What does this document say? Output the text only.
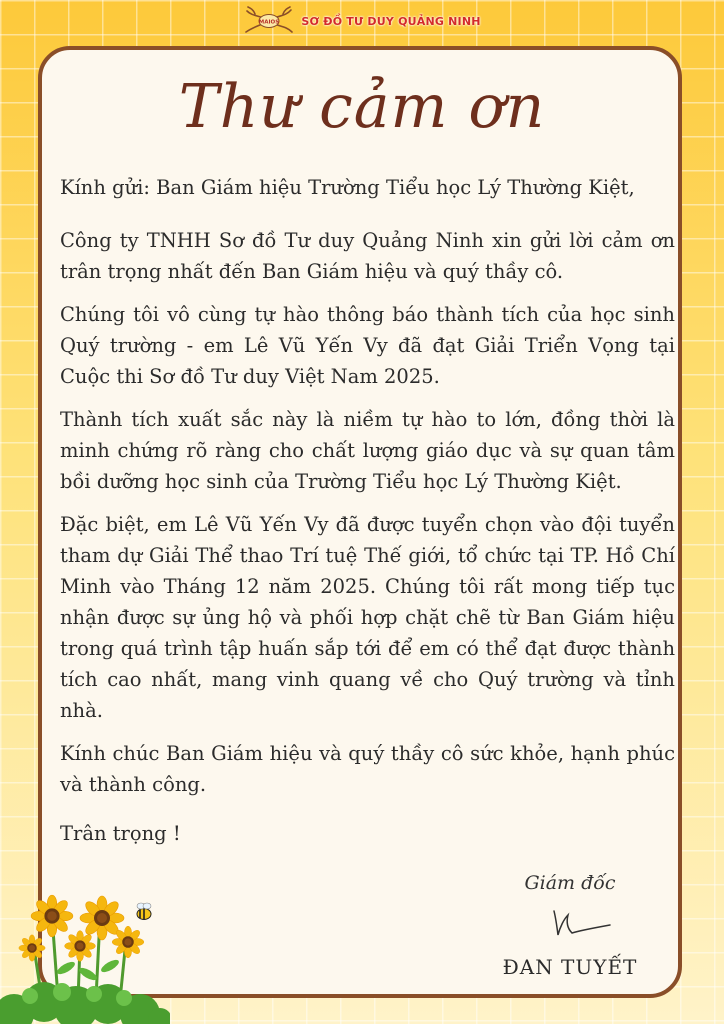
MAIOS SƠ ĐỒ TƯ DUY QUẢNG NINH
Thư cảm ơn

Kính gửi: Ban Giám hiệu Trường Tiểu học Lý Thường Kiệt,

Công ty TNHH Sơ đồ Tư duy Quảng Ninh xin gửi lời cảm ơn trân trọng nhất đến Ban Giám hiệu và quý thầy cô.

Chúng tôi vô cùng tự hào thông báo thành tích của học sinh Quý trường - em Lê Vũ Yến Vy đã đạt Giải Triển Vọng tại Cuộc thi Sơ đồ Tư duy Việt Nam 2025.

Thành tích xuất sắc này là niềm tự hào to lớn, đồng thời là minh chứng rõ ràng cho chất lượng giáo dục và sự quan tâm bồi dưỡng học sinh của Trường Tiểu học Lý Thường Kiệt.

Đặc biệt, em Lê Vũ Yến Vy đã được tuyển chọn vào đội tuyển tham dự Giải Thể thao Trí tuệ Thế giới, tổ chức tại TP. Hồ Chí Minh vào Tháng 12 năm 2025. Chúng tôi rất mong tiếp tục nhận được sự ủng hộ và phối hợp chặt chẽ từ Ban Giám hiệu trong quá trình tập huấn sắp tới để em có thể đạt được thành tích cao nhất, mang vinh quang về cho Quý trường và tỉnh nhà.

Kính chúc Ban Giám hiệu và quý thầy cô sức khỏe, hạnh phúc và thành công.

Trân trọng !

Giám đốc
ĐAN TUYẾT
